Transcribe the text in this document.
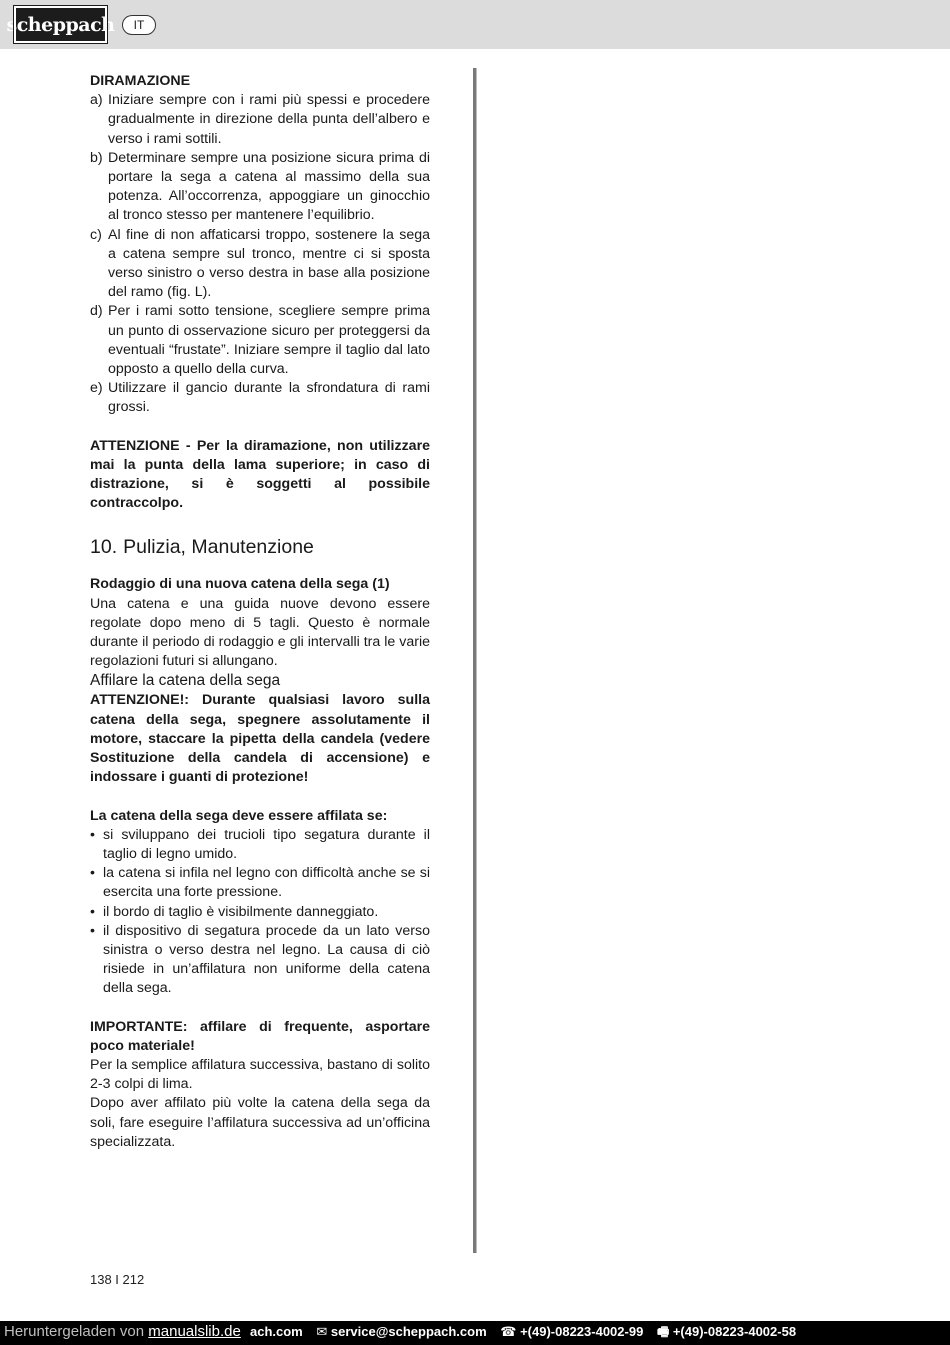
scheppach	IT

DIRAMAZIONE

a) Iniziare sempre con i rami più spessi e procedere gradualmente in direzione della punta dell’albero e verso i rami sottili.
b) Determinare sempre una posizione sicura prima di portare la sega a catena al massimo della sua potenza. All’occorrenza, appoggiare un ginocchio al tronco stesso per mantenere l’equilibrio.
c) Al fine di non affaticarsi troppo, sostenere la sega a catena sempre sul tronco, mentre ci si sposta verso sinistro o verso destra in base alla posizione del ramo (fig. L).
d) Per i rami sotto tensione, scegliere sempre prima un punto di osservazione sicuro per proteggersi da eventuali “frustate”. Iniziare sempre il taglio dal lato opposto a quello della curva.
e) Utilizzare il gancio durante la sfrondatura di rami grossi.

ATTENZIONE - Per la diramazione, non utilizzare mai la punta della lama superiore; in caso di distrazione, si è soggetti al possibile contraccolpo.

10. Pulizia, Manutenzione

Rodaggio di una nuova catena della sega (1)

Una catena e una guida nuove devono essere regolate dopo meno di 5 tagli. Questo è normale durante il periodo di rodaggio e gli intervalli tra le varie regolazioni futuri si allungano.

Affilare la catena della sega

ATTENZIONE!: Durante qualsiasi lavoro sulla catena della sega, spegnere assolutamente il motore, staccare la pipetta della candela (vedere Sostituzione della candela di accensione) e indossare i guanti di protezione!

La catena della sega deve essere affilata se:

• si sviluppano dei trucioli tipo segatura durante il taglio di legno umido.
• la catena si infila nel legno con difficoltà anche se si esercita una forte pressione.
• il bordo di taglio è visibilmente danneggiato.
• il dispositivo di segatura procede da un lato verso sinistra o verso destra nel legno. La causa di ciò risiede in un’affilatura non uniforme della catena della sega.

IMPORTANTE: affilare di frequente, asportare poco materiale!

Per la semplice affilatura successiva, bastano di solito 2-3 colpi di lima.

Dopo aver affilato più volte la catena della sega da soli, fare eseguire l’affilatura successiva ad un’officina specializzata.

138 I 212
Heruntergeladen von manualslib.de ach.com ✉ service@scheppach.com ☎ +(49)-08223-4002-99 🖷 +(49)-08223-4002-58
